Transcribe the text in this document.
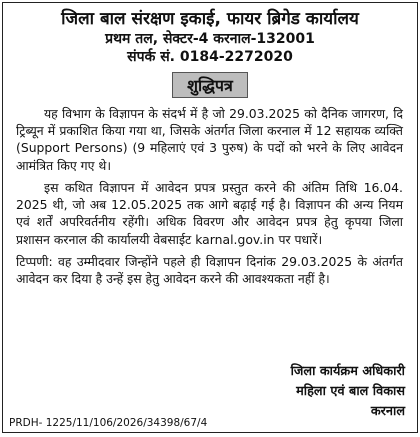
जिला बाल संरक्षण इकाई, फायर ब्रिगेड कार्यालय
प्रथम तल, सेक्टर-4 करनाल-132001
संपर्क सं. 0184-2272020
शुद्धिपत्र

यह विभाग के विज्ञापन के संदर्भ में है जो 29.03.2025 को दैनिक जागरण, दि ट्रिब्यून में प्रकाशित किया गया था, जिसके अंतर्गत जिला करनाल में 12 सहायक व्यक्ति (Support Persons) (9 महिलाएं एवं 3 पुरुष) के पदों को भरने के लिए आवेदन आमंत्रित किए गए थे।

इस कथित विज्ञापन में आवेदन प्रपत्र प्रस्तुत करने की अंतिम तिथि 16.04. 2025 थी, जो अब 12.05.2025 तक आगे बढ़ाई गई है। विज्ञापन की अन्य नियम एवं शर्तें अपरिवर्तनीय रहेंगी। अधिक विवरण और आवेदन प्रपत्र हेतु कृपया जिला प्रशासन करनाल की कार्यालयी वेबसाईट karnal.gov.in पर पधारें।

टिप्पणी: वह उम्मीदवार जिन्होंने पहले ही विज्ञापन दिनांक 29.03.2025 के अंतर्गत आवेदन कर दिया है उन्हें इस हेतु आवेदन करने की आवश्यकता नहीं है।

जिला कार्यक्रम अधिकारी
महिला एवं बाल विकास
करनाल
PRDH- 1225/11/106/2026/34398/67/4
